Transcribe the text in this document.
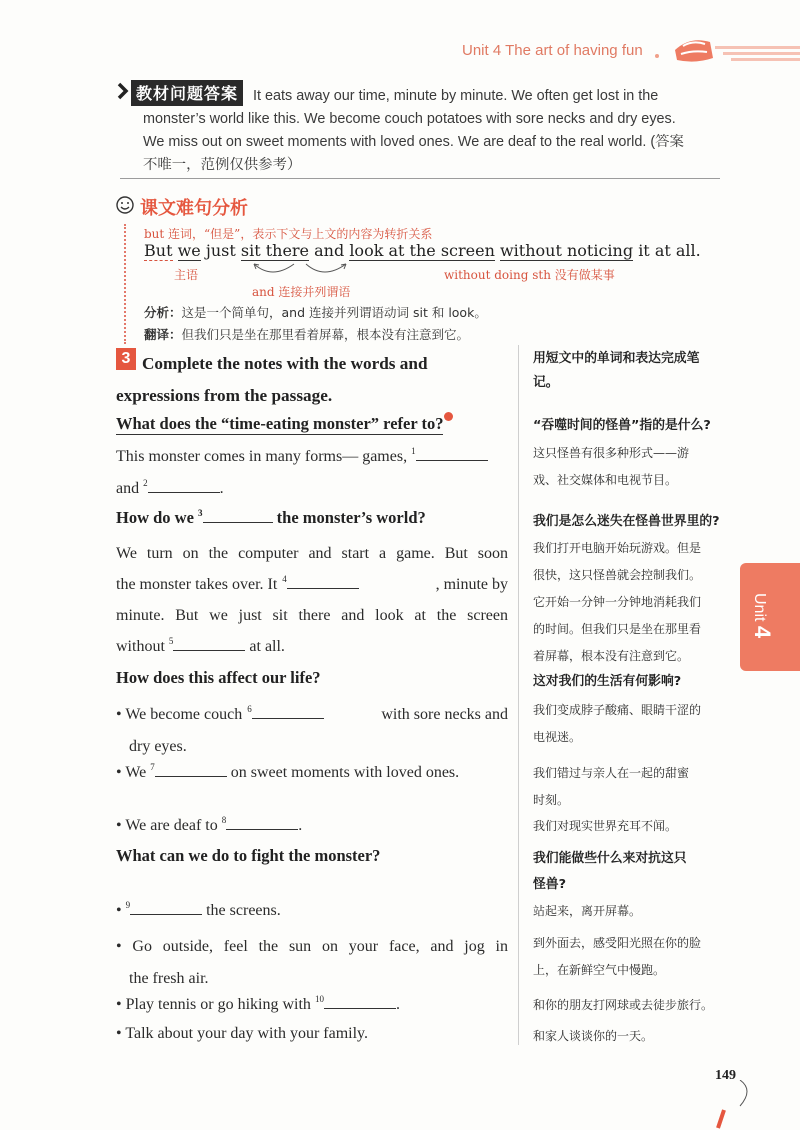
Unit 4 The art of having fun
教材问题答案	It eats away our time, minute by minute. We often get lost in the
monster’s world like this. We become couch potatoes with sore necks and dry eyes.
We miss out on sweet moments with loved ones. We are deaf to the real world. (答案
不唯一，范例仅供参考）
课文难句分析
but 连词，“但是”，表示下文与上文的内容为转折关系
But we just sit there and look at the screen without noticing it at all.
主语
and 连接并列谓语
without doing sth 没有做某事
分析：这是一个简单句，and 连接并列谓语动词 sit 和 look。
翻译：但我们只是坐在那里看着屏幕，根本没有注意到它。
Complete the notes with the words and expressions from the passage.
3	用短文中的单词和表达完成笔记。
What does the “time-eating monster” refer to?	“吞噬时间的怪兽”指的是什么?
This monster comes in many forms— games, $^1$
and $^2$	.
这只怪兽有很多种形式——游
戏、社交媒体和电视节目。
How do we $^3$	the monster’s world?	我们是怎么迷失在怪兽世界里的?
We turn on the computer and start a game. But soon
the monster takes over. It $^4$	, minute by
minute. But we just sit there and look at the screen
without $^5$	at all.
我们打开电脑开始玩游戏。但是
很快，这只怪兽就会控制我们。
它开始一分钟一分钟地消耗我们
的时间。但我们只是坐在那里看
着屏幕，根本没有注意到它。
How does this affect our life?	这对我们的生活有何影响?
• We become couch $^6$	with sore necks and
dry eyes.
我们变成脖子酸痛、眼睛干涩的
电视迷。
• We $^7$	on sweet moments with loved ones.	我们错过与亲人在一起的甜蜜
时刻。
• We are deaf to $^8$	.	我们对现实世界充耳不闻。
What can we do to fight the monster?	我们能做些什么来对抗这只
怪兽?
• $^9$	the screens.	站起来，离开屏幕。
• Go outside, feel the sun on your face, and jog in
the fresh air.
到外面去，感受阳光照在你的脸
上，在新鲜空气中慢跑。
• Play tennis or go hiking with $^{10}$	.	和你的朋友打网球或去徒步旅行。
• Talk about your day with your family.	和家人谈谈你的一天。
Unit 4
149
